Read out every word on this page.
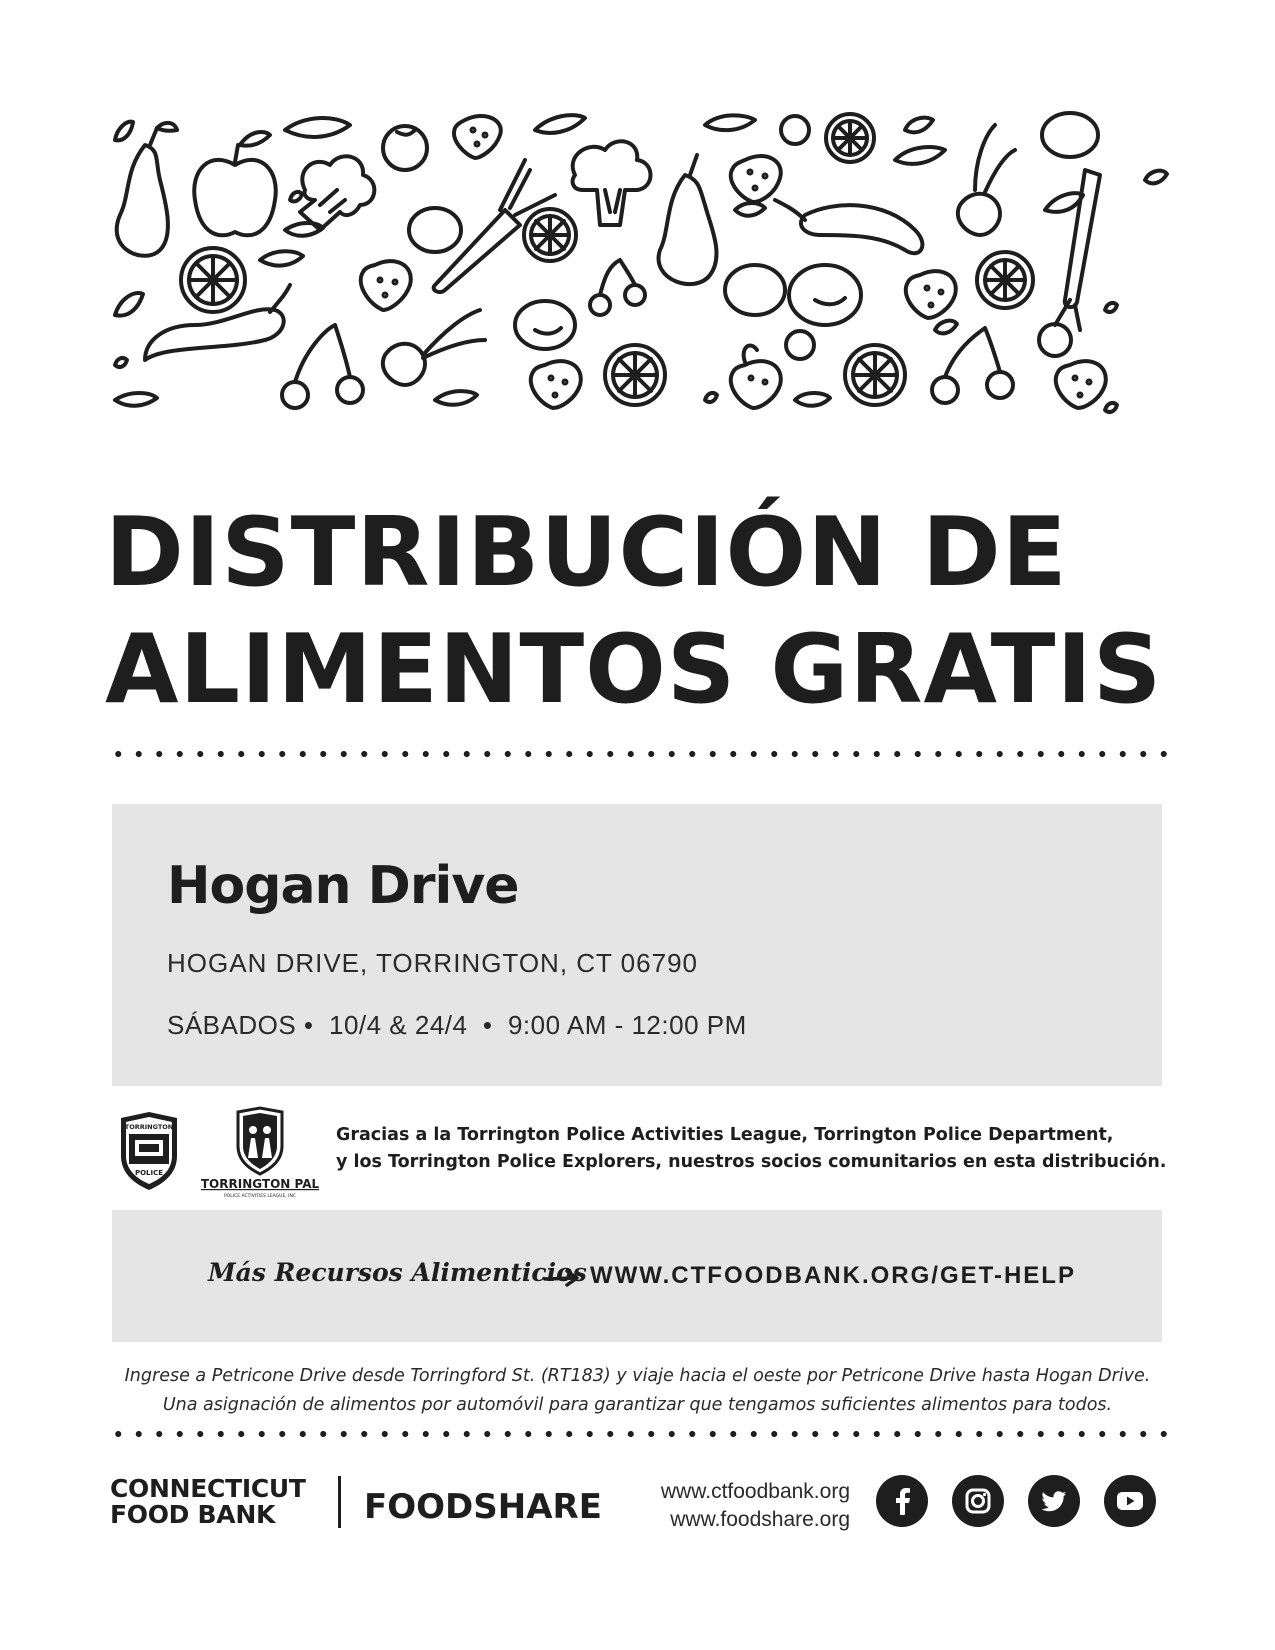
DISTRIBUCIÓN DE
ALIMENTOS GRATIS
Hogan Drive
HOGAN DRIVE, TORRINGTON, CT 06790
SÁBADOS •  10/4 & 24/4  •  9:00 AM - 12:00 PM
TORRINGTON
POLICE
TORRINGTON PAL
POLICE ACTIVITIES LEAGUE, INC
Gracias a la Torrington Police Activities League, Torrington Police Department,
y los Torrington Police Explorers, nuestros socios comunitarios en esta distribución.
Más Recursos Alimenticios WWW.CTFOODBANK.ORG/GET-HELP
Ingrese a Petricone Drive desde Torringford St. (RT183) y viaje hacia el oeste por Petricone Drive hasta Hogan Drive.
Una asignación de alimentos por automóvil para garantizar que tengamos suficientes alimentos para todos.
CONNECTICUT
FOOD BANK	FOODSHARE	www.ctfoodbank.org
www.foodshare.org
